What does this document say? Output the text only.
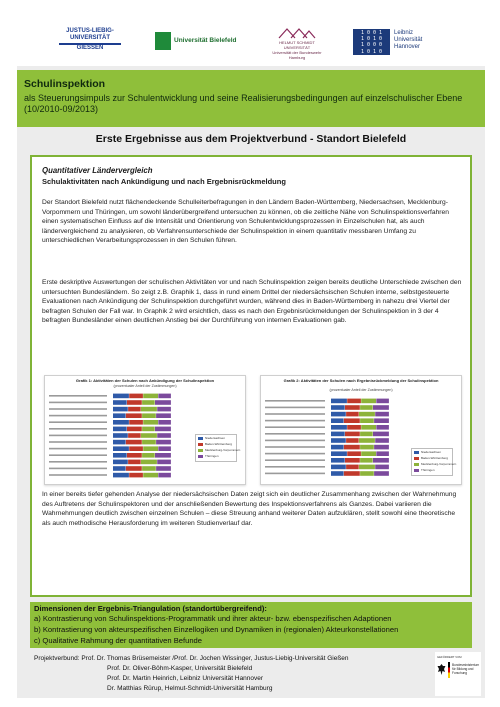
JUSTUS-LIEBIG-
UNIVERSITÄT
GIESSEN
Universität Bielefeld	HELMUT SCHMIDT
UNIVERSITÄT
Universität der Bundeswehr Hamburg
1 0 0 1
1 0 1 0
1 0 0 0
1 0 1 0
Leibniz
Universität
Hannover
Schulinspektion
als Steuerungsimpuls zur Schulentwicklung und seine Realisierungsbedingungen auf einzelschulischer Ebene (10/2010-09/2013)
Erste Ergebnisse aus dem Projektverbund - Standort Bielefeld
Quantitativer Ländervergleich
Schulaktivitäten nach Ankündigung und nach Ergebnisrückmeldung
Der Standort Bielefeld nutzt flächendeckende Schulleiterbefragungen in den Ländern Baden-Württemberg, Niedersachsen, Mecklenburg-Vorpommern und Thüringen, um sowohl länderübergreifend untersuchen zu können, ob die zeitliche Nähe von Schulinspektionsverfahren einen systematischen Einfluss auf die Intensität und Orientierung von Schulentwicklungsprozessen in Einzelschulen hat, als auch ländervergleichend zu analysieren, ob Verfahrensunterschiede der Schulinspektion in einem quantitativ messbaren Umfang zu unterschiedlichen Verarbeitungsprozessen in den Schulen führen.
Erste deskriptive Auswertungen der schulischen Aktivitäten vor und nach Schulinspektion zeigen bereits deutliche Unterschiede zwischen den untersuchten Bundesländern. So zeigt z.B. Graphik 1, dass in rund einem Drittel der niedersächsischen Schulen interne, selbstgesteuerte Evaluationen nach Ankündigung der Schulinspektion durchgeführt wurden, während dies in Baden-Württemberg in nahezu drei Viertel der befragten Schulen der Fall war. In Graphik 2 wird ersichtlich, dass es nach den Ergebnisrückmeldungen der Schulinspektion in 3 der 4 befragten Bundesländer einen deutlichen Anstieg bei der Durchführung von internen Evaluationen gab.
Grafik 1: Aktivitäten der Schulen nach Ankündigung der Schulinspektion
(prozentualer Anteil der Zustimmungen)
Niedersachsen
Baden-Württemberg
Mecklenburg-Vorpommern
Thüringen
Grafik 2: Aktivitäten der Schulen nach Ergebnisrückmeldung der Schulinspektion
(prozentualer Anteil der Zustimmungen)
Niedersachsen
Baden-Württemberg
Mecklenburg-Vorpommern
Thüringen
In einer bereits tiefer gehenden Analyse der niedersächsischen Daten zeigt sich ein deutlicher Zusammenhang zwischen der Wahrnehmung des Auftretens der Schulinspektoren und der anschließenden Bewertung des Inspektionsverfahrens als Ganzes. Dabei variieren die Wahrnehmungen deutlich zwischen einzelnen Schulen – diese Streuung anhand weiterer Daten aufzuklären, stellt sowohl eine theoretische als auch methodische Herausforderung im weiteren Studienverlauf dar.
Dimensionen der Ergebnis-Triangulation (standortübergreifend):
a) Kontrastierung von Schulinspektions-Programmatik und ihrer akteur- bzw. ebenspezifischen Adaptionen
b) Kontrastierung von akteurspezifischen Einzellogiken und Dynamiken in (regionalen) Akteurkonstellationen
c) Qualitative Rahmung der quantitativen Befunde
Projektverbund: Prof. Dr. Thomas Brüsemeister /Prof. Dr. Jochen Wissinger, Justus-Liebig-Universität Gießen
Prof. Dr. Oliver-Böhm-Kasper, Universität Bielefeld
Prof. Dr. Martin Heinrich, Leibniz Universität Hannover
Dr. Matthias Rürup, Helmut-Schmidt-Universität Hamburg
GEFÖRDERT VOM
Bundesministerium für Bildung und Forschung
